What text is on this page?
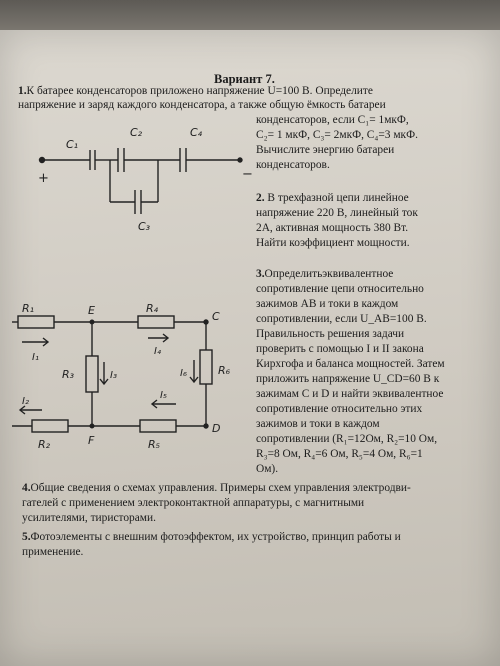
Вариант 7.
1.К батарее конденсаторов приложено напряжение U=100 В. Определите
напряжение и заряд каждого конденсатора, а также общую ёмкость батареи
конденсаторов, если C₁= 1мкФ,
C₂= 1 мкФ, C₃= 2мкФ, C₄=3 мкФ.
Вычислите энергию батареи
конденсаторов.
C₁
C₂	C₄
C₃
+	−
2. В трехфазной цепи линейное
напряжение 220 В, линейный ток
2А, активная мощность 380 Вт.
Найти коэффициент мощности.
3.Определитьэквивалентное
сопротивление цепи относительно
зажимов АВ и токи в каждом
сопротивлении, если U_AB=100 В.
Правильность решения задачи
проверить с помощью I и II закона
Кирхгофа и баланса мощностей. Затем
приложить напряжение U_CD=60 В к
зажимам C и D и найти эквивалентное
сопротивление относительно этих
зажимов и токи в каждом
сопротивлении (R₁=12Ом, R₂=10 Ом,
R₃=8 Ом, R₄=6 Ом, R₅=4 Ом, R₆=1
Ом).
R₁	R₄
E	C
I₁
I₄
R₃	I₃	I₆	R₆
I₂
I₅
D
R₂	F	R₅
4.Общие сведения о схемах управления. Примеры схем управления электродви-
гателей с применением электроконтактной аппаратуры, с магнитными
усилителями, тиристорами.
5.Фотоэлементы с внешним фотоэффектом, их устройство, принцип работы и
применение.
